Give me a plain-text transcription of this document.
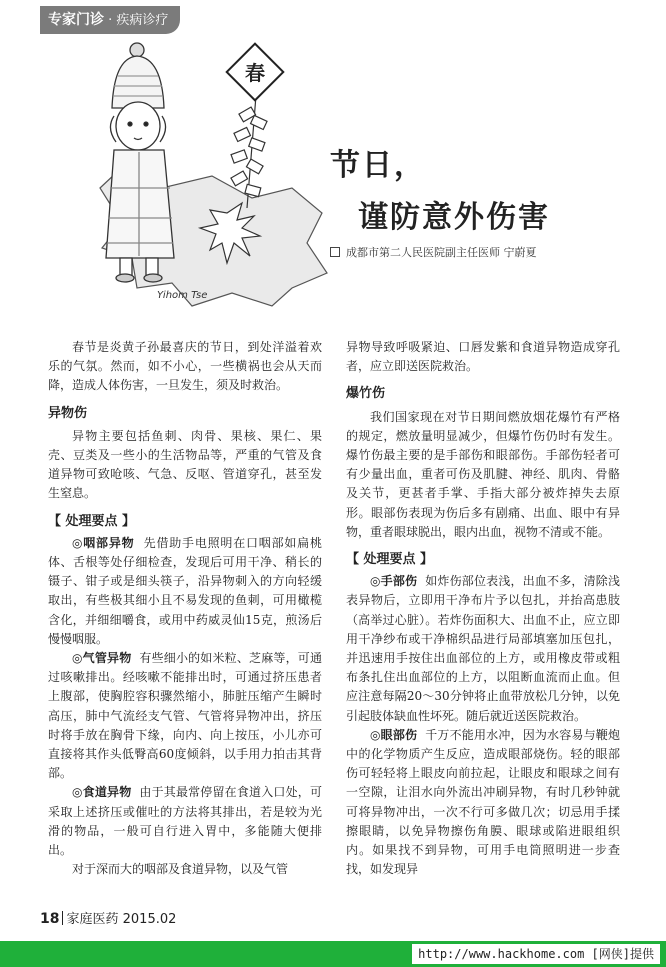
专家门诊 · 疾病诊疗
春
Yihom Tse
节日，
谨防意外伤害
成都市第二人民医院副主任医师 宁蔚夏

春节是炎黄子孙最喜庆的节日，到处洋溢着欢乐的气氛。然而，如不小心，一些横祸也会从天而降，造成人体伤害，一旦发生，须及时救治。

异物伤

异物主要包括鱼刺、肉骨、果核、果仁、果壳、豆类及一些小的生活物品等，严重的气管及食道异物可致呛咳、气急、反呕、管道穿孔，甚至发生窒息。

【 处理要点 】

◎咽部异物 先借助手电照明在口咽部如扁桃体、舌根等处仔细检查，发现后可用干净、稍长的镊子、钳子或是细头筷子，沿异物刺入的方向轻缓取出，有些极其细小且不易发现的鱼刺，可用橄榄含化，并细细嚼食，或用中药威灵仙15克，煎汤后慢慢咽服。

◎气管异物 有些细小的如米粒、芝麻等，可通过咳嗽排出。经咳嗽不能排出时，可通过挤压患者上腹部，使胸腔容积骤然缩小，肺脏压缩产生瞬时高压，肺中气流经支气管、气管将异物冲出，挤压时将手放在胸骨下缘，向内、向上按压，小儿亦可直接将其作头低臀高60度倾斜，以手用力拍击其背部。

◎食道异物 由于其最常停留在食道入口处，可采取上述挤压或催吐的方法将其排出，若是较为光滑的物品，一般可自行进入胃中，多能随大便排出。

对于深而大的咽部及食道异物，以及气管

异物导致呼吸紧迫、口唇发紫和食道异物造成穿孔者，应立即送医院救治。

爆竹伤

我们国家现在对节日期间燃放烟花爆竹有严格的规定，燃放量明显减少，但爆竹伤仍时有发生。爆竹伤最主要的是手部伤和眼部伤。手部伤轻者可有少量出血，重者可伤及肌腱、神经、肌肉、骨骼及关节，更甚者手掌、手指大部分被炸掉失去原形。眼部伤表现为伤后多有剧痛、出血、眼中有异物，重者眼球脱出，眼内出血，视物不清或不能。

【 处理要点 】

◎手部伤 如炸伤部位表浅，出血不多，清除浅表异物后，立即用干净布片予以包扎，并抬高患肢（高举过心脏）。若炸伤面积大、出血不止，应立即用干净纱布或干净棉织品进行局部填塞加压包扎，并迅速用手按住出血部位的上方，或用橡皮带或粗布条扎住出血部位的上方，以阻断血流而止血。但应注意每隔20～30分钟将止血带放松几分钟，以免引起肢体缺血性坏死。随后就近送医院救治。

◎眼部伤 千万不能用水冲，因为水容易与鞭炮中的化学物质产生反应，造成眼部烧伤。轻的眼部伤可轻轻将上眼皮向前拉起，让眼皮和眼球之间有一空隙，让泪水向外流出冲刷异物，有时几秒钟就可将异物冲出，一次不行可多做几次；切忌用手揉擦眼睛，以免异物擦伤角膜、眼球或陷进眼组织内。如果找不到异物，可用手电筒照明进一步查找，如发现异

18 家庭医药 2015.02
http://www.hackhome.com [网侠]提供
